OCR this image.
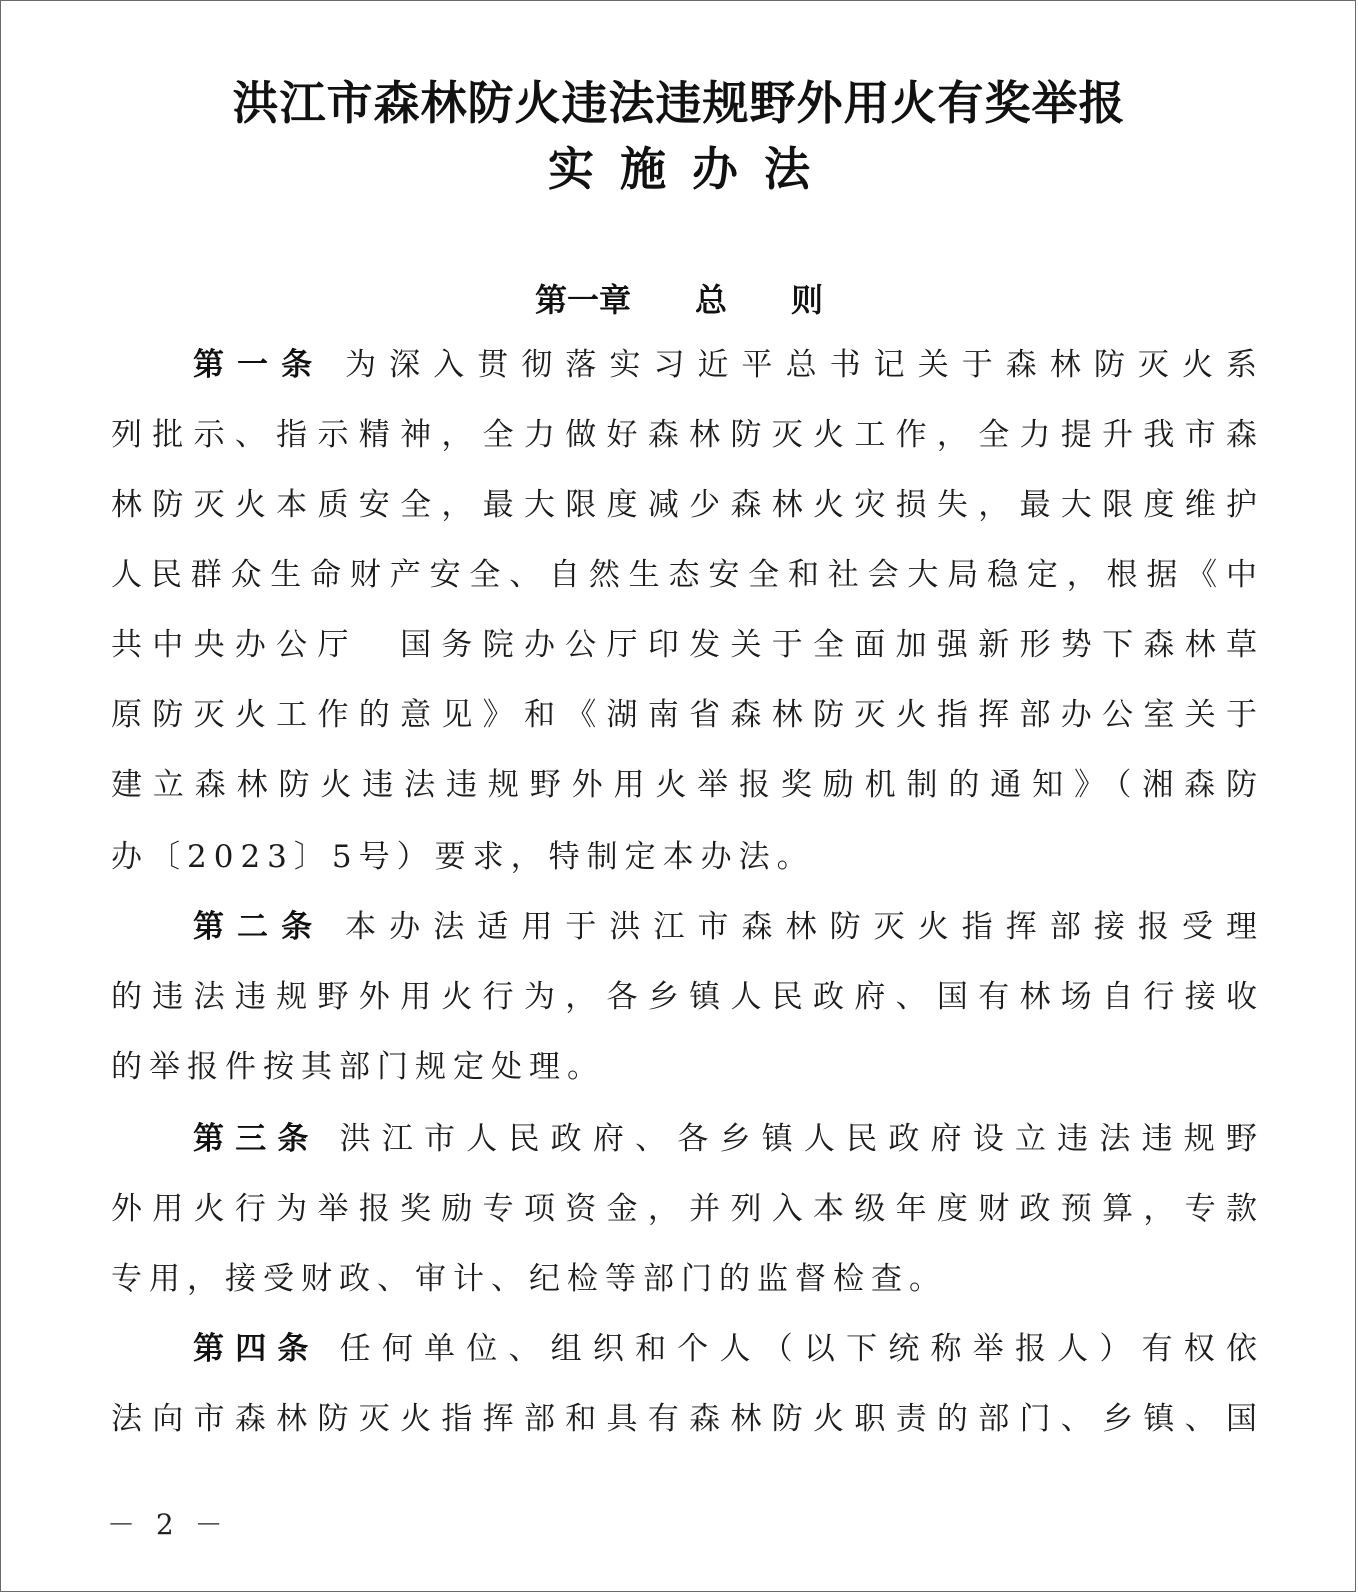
洪江市森林防火违法违规野外用火有奖举报
实施办法
第一章　　总　　则
第一条 为深入贯彻落实习近平总书记关于森林防灭火系
列批示、指示精神，全力做好森林防灭火工作，全力提升我市森
林防灭火本质安全，最大限度减少森林火灾损失，最大限度维护
人民群众生命财产安全、自然生态安全和社会大局稳定，根据《中
共中央办公厅　国务院办公厅印发关于全面加强新形势下森林草
原防灭火工作的意见》和《湖南省森林防灭火指挥部办公室关于
建立森林防火违法违规野外用火举报奖励机制的通知》（湘森防
办〔2023〕5号）要求，特制定本办法。
第二条 本办法适用于洪江市森林防灭火指挥部接报受理
的违法违规野外用火行为，各乡镇人民政府、国有林场自行接收
的举报件按其部门规定处理。
第三条 洪江市人民政府、各乡镇人民政府设立违法违规野
外用火行为举报奖励专项资金，并列入本级年度财政预算，专款
专用，接受财政、审计、纪检等部门的监督检查。
第四条 任何单位、组织和个人（以下统称举报人）有权依
法向市森林防灭火指挥部和具有森林防火职责的部门、乡镇、国
－ 2 －
